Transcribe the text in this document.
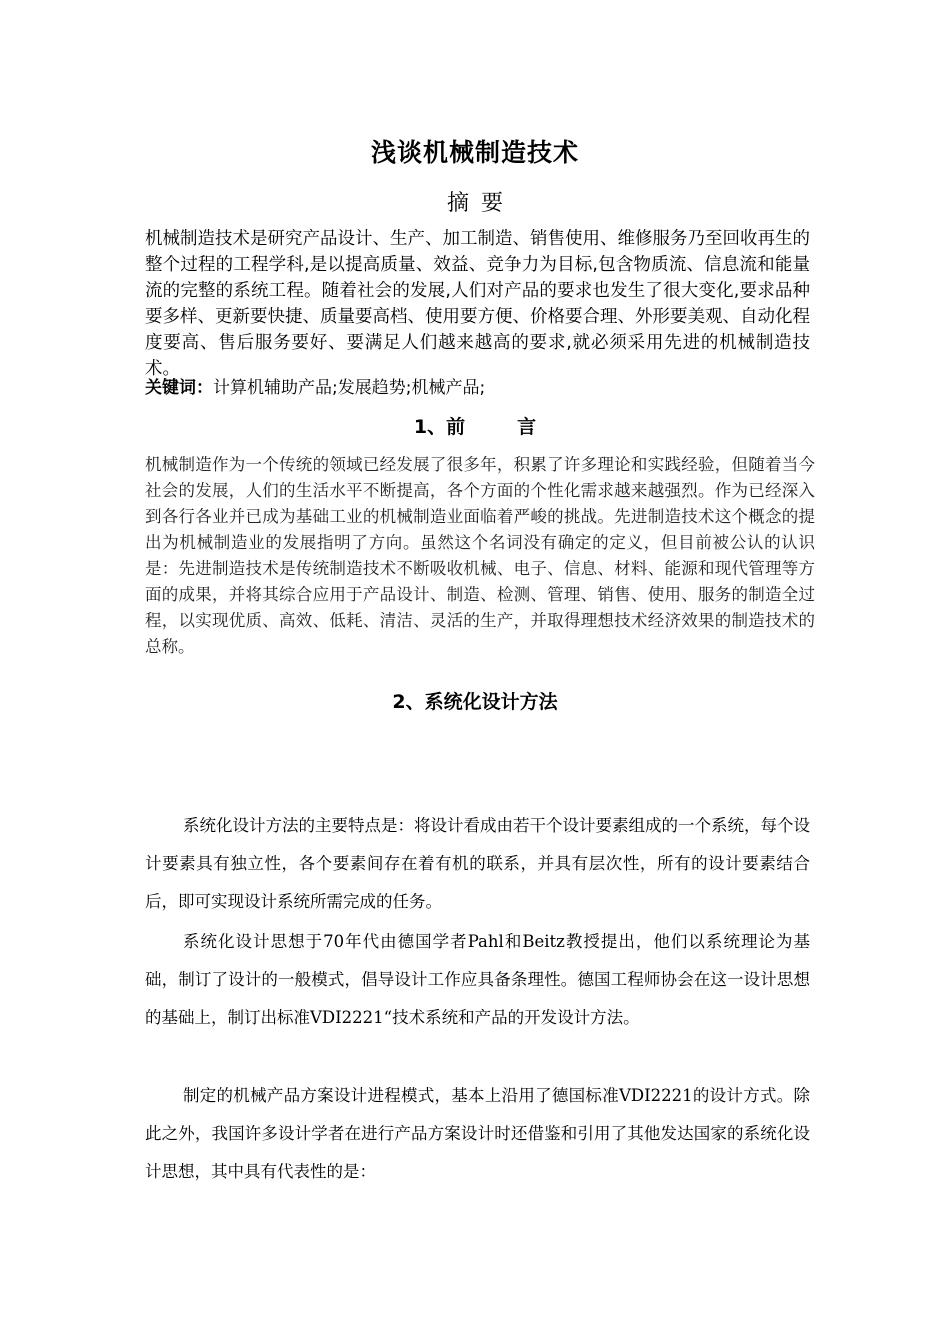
浅谈机械制造技术
摘 要
机械制造技术是研究产品设计、生产、加工制造、销售使用、维修服务乃至回收再生的整个过程的工程学科,是以提高质量、效益、竞争力为目标,包含物质流、信息流和能量流的完整的系统工程。随着社会的发展,人们对产品的要求也发生了很大变化,要求品种要多样、更新要快捷、质量要高档、使用要方便、价格要合理、外形要美观、自动化程度要高、售后服务要好、要满足人们越来越高的要求,就必须采用先进的机械制造技术。
关键词：计算机辅助产品;发展趋势;机械产品;
1、前	言
机械制造作为一个传统的领域已经发展了很多年，积累了许多理论和实践经验，但随着当今社会的发展，人们的生活水平不断提高，各个方面的个性化需求越来越强烈。作为已经深入到各行各业并已成为基础工业的机械制造业面临着严峻的挑战。先进制造技术这个概念的提出为机械制造业的发展指明了方向。虽然这个名词没有确定的定义，但目前被公认的认识是：先进制造技术是传统制造技术不断吸收机械、电子、信息、材料、能源和现代管理等方面的成果，并将其综合应用于产品设计、制造、检测、管理、销售、使用、服务的制造全过程，以实现优质、高效、低耗、清洁、灵活的生产，并取得理想技术经济效果的制造技术的总称。
2、系统化设计方法
系统化设计方法的主要特点是：将设计看成由若干个设计要素组成的一个系统，每个设计要素具有独立性，各个要素间存在着有机的联系，并具有层次性，所有的设计要素结合后，即可实现设计系统所需完成的任务。
系统化设计思想于70年代由德国学者Pahl和Beitz教授提出，他们以系统理论为基础，制订了设计的一般模式，倡导设计工作应具备条理性。德国工程师协会在这一设计思想的基础上，制订出标准VDI2221“技术系统和产品的开发设计方法。
制定的机械产品方案设计进程模式，基本上沿用了德国标准VDI2221的设计方式。除此之外，我国许多设计学者在进行产品方案设计时还借鉴和引用了其他发达国家的系统化设计思想，其中具有代表性的是：
